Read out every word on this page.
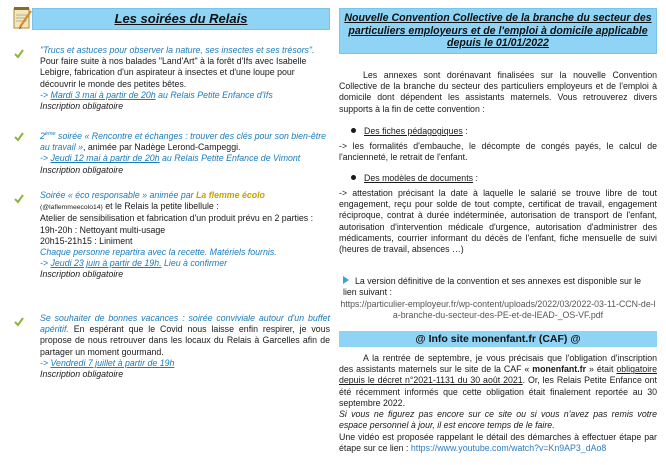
Les soirées du Relais
"Trucs et astuces pour observer la nature, ses insectes et ses trésors". Pour faire suite à nos balades "Land'Art" à la forêt d'Ifs avec Isabelle Lebigre, fabrication d'un aspirateur à insectes et d'une loupe pour découvrir le monde des petites bêtes.
-> Mardi 3 mai à partir de 20h au Relais Petite Enfance d'Ifs
Inscription obligatoire
2ème soirée « Rencontre et échanges : trouver des clés pour son bien-être au travail », animée par Nadège Lerond-Campeggi.
-> Jeudi 12 mai à partir de 20h au Relais Petite Enfance de Vimont
Inscription obligatoire
Soirée « éco responsable » animée par La flemme écolo
(@laflemmeecolo14) et le Relais la petite libellule :
Atelier de sensibilisation et fabrication d'un produit prévu en 2 parties :
19h-20h : Nettoyant multi-usage
20h15-21h15 : Liniment
Chaque personne repartira avec la recette. Matériels fournis.
-> Jeudi 23 juin à partir de 19h. Lieu à confirmer
Inscription obligatoire
Se souhaiter de bonnes vacances : soirée conviviale autour d'un buffet apéritif. En espérant que le Covid nous laisse enfin respirer, je vous propose de nous retrouver dans les locaux du Relais à Garcelles afin de partager un moment gourmand.
-> Vendredi 7 juillet à partir de 19h
Inscription obligatoire
Nouvelle Convention Collective de la branche du secteur des particuliers employeurs et de l'emploi à domicile applicable depuis le 01/01/2022
Les annexes sont dorénavant finalisées sur la nouvelle Convention Collective de la branche du secteur des particuliers employeurs et de l'emploi à domicile dont dépendent les assistants maternels. Vous retrouverez divers supports à la fin de cette convention :
Des fiches pédagogiques :
-> les formalités d'embauche, le décompte de congés payés, le calcul de l'ancienneté, le retrait de l'enfant.
Des modèles de documents :
-> attestation précisant la date à laquelle le salarié se trouve libre de tout engagement, reçu pour solde de tout compte, certificat de travail, engagement réciproque, contrat à durée indéterminée, autorisation de transport de l'enfant, autorisation d'intervention médicale d'urgence, autorisation d'administrer des médicaments, courrier informant du décès de l'enfant, fiche mensuelle de suivi (heures de travail, absences …)
La version définitive de la convention et ses annexes est disponible sur le lien suivant :
https://particulier-employeur.fr/wp-content/uploads/2022/03/2022-03-11-CCN-de-la-branche-du-secteur-des-PE-et-de-lEAD-_OS-VF.pdf
@ Info site monenfant.fr (CAF) @
A la rentrée de septembre, je vous précisais que l'obligation d'inscription des assistants maternels sur le site de la CAF « monenfant.fr » était obligatoire depuis le décret n°2021-1131 du 30 août 2021. Or, les Relais Petite Enfance ont été récemment informés que cette obligation était finalement reportée au 30 septembre 2022.
Si vous ne figurez pas encore sur ce site ou si vous n'avez pas remis votre espace personnel à jour, il est encore temps de le faire.
Une vidéo est proposée rappelant le détail des démarches à effectuer étape par étape sur ce lien : https://www.youtube.com/watch?v=Kn9AP3_dAo8
